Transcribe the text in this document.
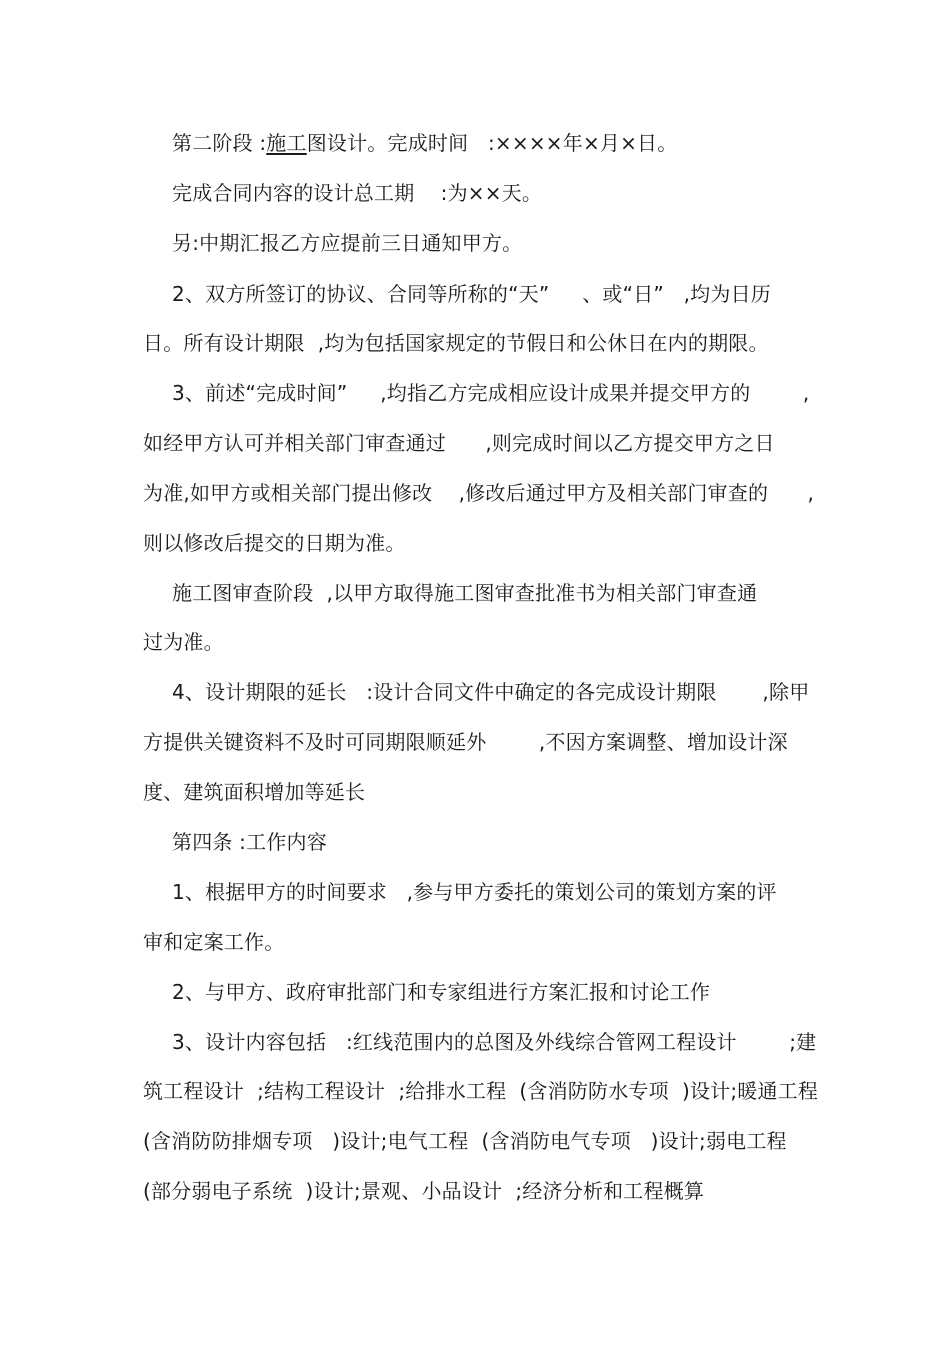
第二阶段 :施工图设计。完成时间   :××××年×月×日。
完成合同内容的设计总工期    :为××天。
另:中期汇报乙方应提前三日通知甲方。
2、双方所签订的协议、合同等所称的“天”     、或“日”   ,均为日历
日。所有设计期限  ,均为包括国家规定的节假日和公休日在内的期限。
3、前述“完成时间”     ,均指乙方完成相应设计成果并提交甲方的        ,
如经甲方认可并相关部门审查通过      ,则完成时间以乙方提交甲方之日
为准,如甲方或相关部门提出修改    ,修改后通过甲方及相关部门审查的      ,
则以修改后提交的日期为准。
施工图审查阶段  ,以甲方取得施工图审查批准书为相关部门审查通
过为准。
4、设计期限的延长   :设计合同文件中确定的各完成设计期限       ,除甲
方提供关键资料不及时可同期限顺延外        ,不因方案调整、增加设计深
度、建筑面积增加等延长
第四条 :工作内容
1、根据甲方的时间要求   ,参与甲方委托的策划公司的策划方案的评
审和定案工作。
2、与甲方、政府审批部门和专家组进行方案汇报和讨论工作
3、设计内容包括   :红线范围内的总图及外线综合管网工程设计        ;建
筑工程设计  ;结构工程设计  ;给排水工程  (含消防防水专项  )设计;暖通工程
(含消防防排烟专项   )设计;电气工程  (含消防电气专项   )设计;弱电工程
(部分弱电子系统  )设计;景观、小品设计  ;经济分析和工程概算
